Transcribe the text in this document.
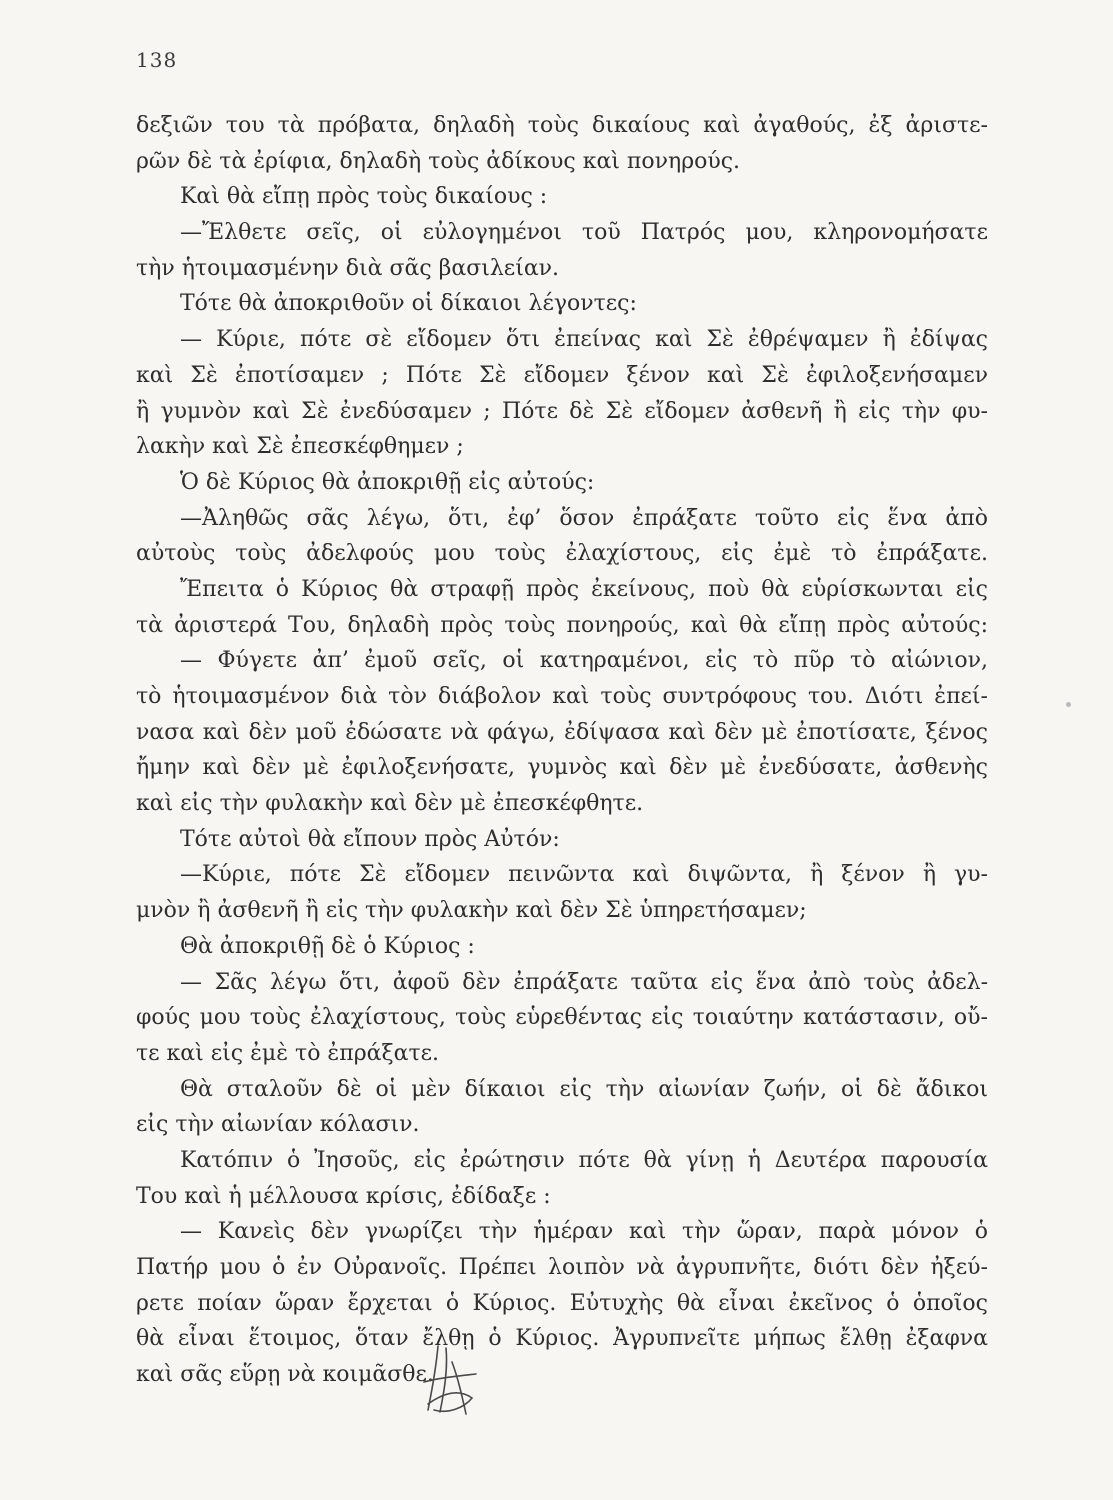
138
δεξιῶν του τὰ πρόβατα, δηλαδὴ τοὺς δικαίους καὶ ἀγαθούς, ἐξ ἀριστε-
ρῶν δὲ τὰ ἐρίφια, δηλαδὴ τοὺς ἀδίκους καὶ πονηρούς.
Καὶ θὰ εἴπῃ πρὸς τοὺς δικαίους :
—Ἔλθετε σεῖς, οἱ εὐλογημένοι τοῦ Πατρός μου, κληρονομήσατε
τὴν ἡτοιμασμένην διὰ σᾶς βασιλείαν.
Τότε θὰ ἀποκριθοῦν οἱ δίκαιοι λέγοντες:
— Κύριε, πότε σὲ εἴδομεν ὅτι ἐπείνας καὶ Σὲ ἐθρέψαμεν ἢ ἐδίψας
καὶ Σὲ ἐποτίσαμεν ; Πότε Σὲ εἴδομεν ξένον καὶ Σὲ ἐφιλοξενήσαμεν
ἢ γυμνὸν καὶ Σὲ ἐνεδύσαμεν ; Πότε δὲ Σὲ εἴδομεν ἀσθενῆ ἢ εἰς τὴν φυ-
λακὴν καὶ Σὲ ἐπεσκέφθημεν ;
Ὁ δὲ Κύριος θὰ ἀποκριθῇ εἰς αὐτούς:
—Ἀληθῶς σᾶς λέγω, ὅτι, ἐφ’ ὅσον ἐπράξατε τοῦτο εἰς ἕνα ἀπὸ
αὐτοὺς τοὺς ἀδελφούς μου τοὺς ἐλαχίστους, εἰς ἐμὲ τὸ ἐπράξατε.
Ἔπειτα ὁ Κύριος θὰ στραφῇ πρὸς ἐκείνους, ποὺ θὰ εὑρίσκωνται εἰς
τὰ ἀριστερά Του, δηλαδὴ πρὸς τοὺς πονηρούς, καὶ θὰ εἴπῃ πρὸς αὐτούς:
— Φύγετε ἀπ’ ἐμοῦ σεῖς, οἱ κατηραμένοι, εἰς τὸ πῦρ τὸ αἰώνιον,
τὸ ἡτοιμασμένον διὰ τὸν διάβολον καὶ τοὺς συντρόφους του. Διότι ἐπεί-
νασα καὶ δὲν μοῦ ἐδώσατε νὰ φάγω, ἐδίψασα καὶ δὲν μὲ ἐποτίσατε, ξένος
ἤμην καὶ δὲν μὲ ἐφιλοξενήσατε, γυμνὸς καὶ δὲν μὲ ἐνεδύσατε, ἀσθενὴς
καὶ εἰς τὴν φυλακὴν καὶ δὲν μὲ ἐπεσκέφθητε.
Τότε αὐτοὶ θὰ εἴπουν πρὸς Αὐτόν:
—Κύριε, πότε Σὲ εἴδομεν πεινῶντα καὶ διψῶντα, ἢ ξένον ἢ γυ-
μνὸν ἢ ἀσθενῆ ἢ εἰς τὴν φυλακὴν καὶ δὲν Σὲ ὑπηρετήσαμεν;
Θὰ ἀποκριθῇ δὲ ὁ Κύριος :
— Σᾶς λέγω ὅτι, ἀφοῦ δὲν ἐπράξατε ταῦτα εἰς ἕνα ἀπὸ τοὺς ἀδελ-
φούς μου τοὺς ἐλαχίστους, τοὺς εὑρεθέντας εἰς τοιαύτην κατάστασιν, οὔ-
τε καὶ εἰς ἐμὲ τὸ ἐπράξατε.
Θὰ σταλοῦν δὲ οἱ μὲν δίκαιοι εἰς τὴν αἰωνίαν ζωήν, οἱ δὲ ἄδικοι
εἰς τὴν αἰωνίαν κόλασιν.
Κατόπιν ὁ Ἰησοῦς, εἰς ἐρώτησιν πότε θὰ γίνῃ ἡ Δευτέρα παρουσία
Του καὶ ἡ μέλλουσα κρίσις, ἐδίδαξε :
— Κανεὶς δὲν γνωρίζει τὴν ἡμέραν καὶ τὴν ὥραν, παρὰ μόνον ὁ
Πατήρ μου ὁ ἐν Οὐρανοῖς. Πρέπει λοιπὸν νὰ ἀγρυπνῆτε, διότι δὲν ἠξεύ-
ρετε ποίαν ὥραν ἔρχεται ὁ Κύριος. Εὐτυχὴς θὰ εἶναι ἐκεῖνος ὁ ὁποῖος
θὰ εἶναι ἕτοιμος, ὅταν ἔλθῃ ὁ Κύριος. Ἀγρυπνεῖτε μήπως ἔλθῃ ἐξαφνα
καὶ σᾶς εὕρῃ νὰ κοιμᾶσθε.
